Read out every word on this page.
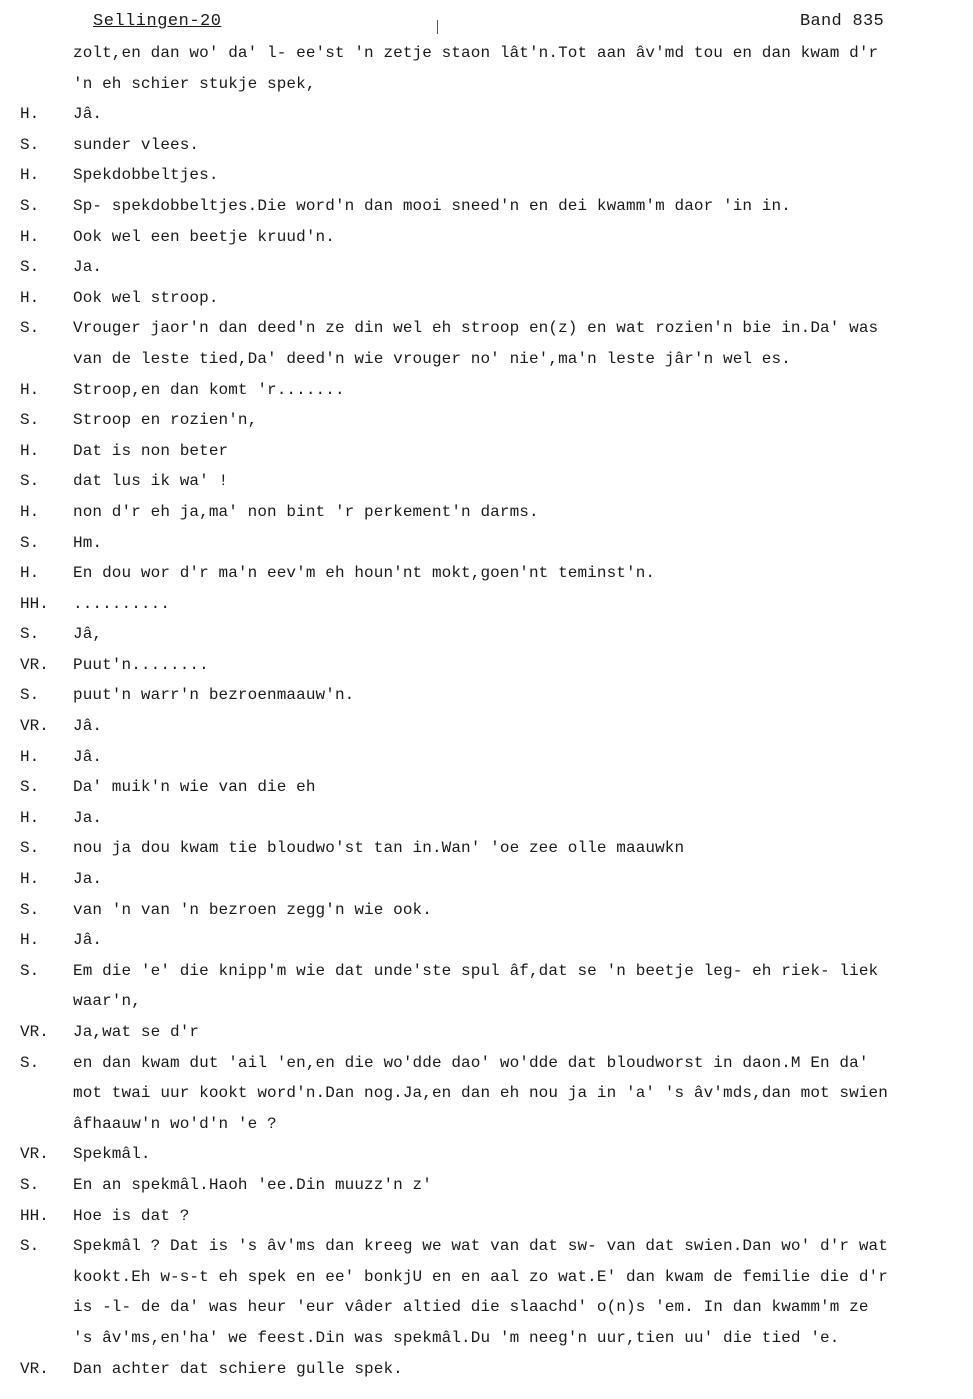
Sellingen-20	Band 835
zolt,en dan wo' da' l- ee'st 'n zetje staon lât'n.Tot aan âv'md tou en dan kwam d'r
'n eh schier stukje spek,
H.	Jâ.
S.	sunder vlees.
H.	Spekdobbeltjes.
S.	Sp- spekdobbeltjes.Die word'n dan mooi sneed'n en dei kwamm'm daor 'in in.
H.	Ook wel een beetje kruud'n.
S.	Ja.
H.	Ook wel stroop.
S.	Vrouger jaor'n dan deed'n ze din wel eh stroop en(z) en wat rozien'n bie in.Da' was
van de leste tied,Da' deed'n wie vrouger no' nie',ma'n leste jâr'n wel es.
H.	Stroop,en dan komt 'r.......
S.	Stroop en rozien'n,
H.	Dat is non beter
S.	dat lus ik wa' !
H.	non d'r eh ja,ma' non bint 'r perkement'n darms.
S.	Hm.
H.	En dou wor d'r ma'n eev'm eh houn'nt mokt,goen'nt teminst'n.
HH.	..........
S.	Jâ,
VR.	Puut'n........
S.	puut'n warr'n bezroenmaauw'n.
VR.	Jâ.
H.	Jâ.
S.	Da' muik'n wie van die eh
H.	Ja.
S.	nou ja dou kwam tie bloudwo'st tan in.Wan' 'oe zee olle maauwkn
H.	Ja.
S.	van 'n van 'n bezroen zegg'n wie ook.
H.	Jâ.
S.	Em die 'e' die knipp'm wie dat unde'ste spul âf,dat se 'n beetje leg- eh riek- liek
waar'n,
VR.	Ja,wat se d'r
S.	en dan kwam dut 'ail 'en,en die wo'dde dao' wo'dde dat bloudworst in daon.M En da'
mot twai uur kookt word'n.Dan nog.Ja,en dan eh nou ja in 'a' 's âv'mds,dan mot swien
âfhaauw'n wo'd'n 'e ?
VR.	Spekmâl.
S.	En an spekmâl.Haoh 'ee.Din muuzz'n z'
HH.	Hoe is dat ?
S.	Spekmâl ? Dat is 's âv'ms dan kreeg we wat van dat sw- van dat swien.Dan wo' d'r wat
kookt.Eh w-s-t eh spek en ee' bonkjU en en aal zo wat.E' dan kwam de femilie die d'r
is -l- de da' was heur 'eur vâder altied die slaachd' o(n)s 'em. In dan kwamm'm ze
's âv'ms,en'ha' we feest.Din was spekmâl.Du 'm neeg'n uur,tien uu' die tied 'e.
VR.	Dan achter dat schiere gulle spek.
